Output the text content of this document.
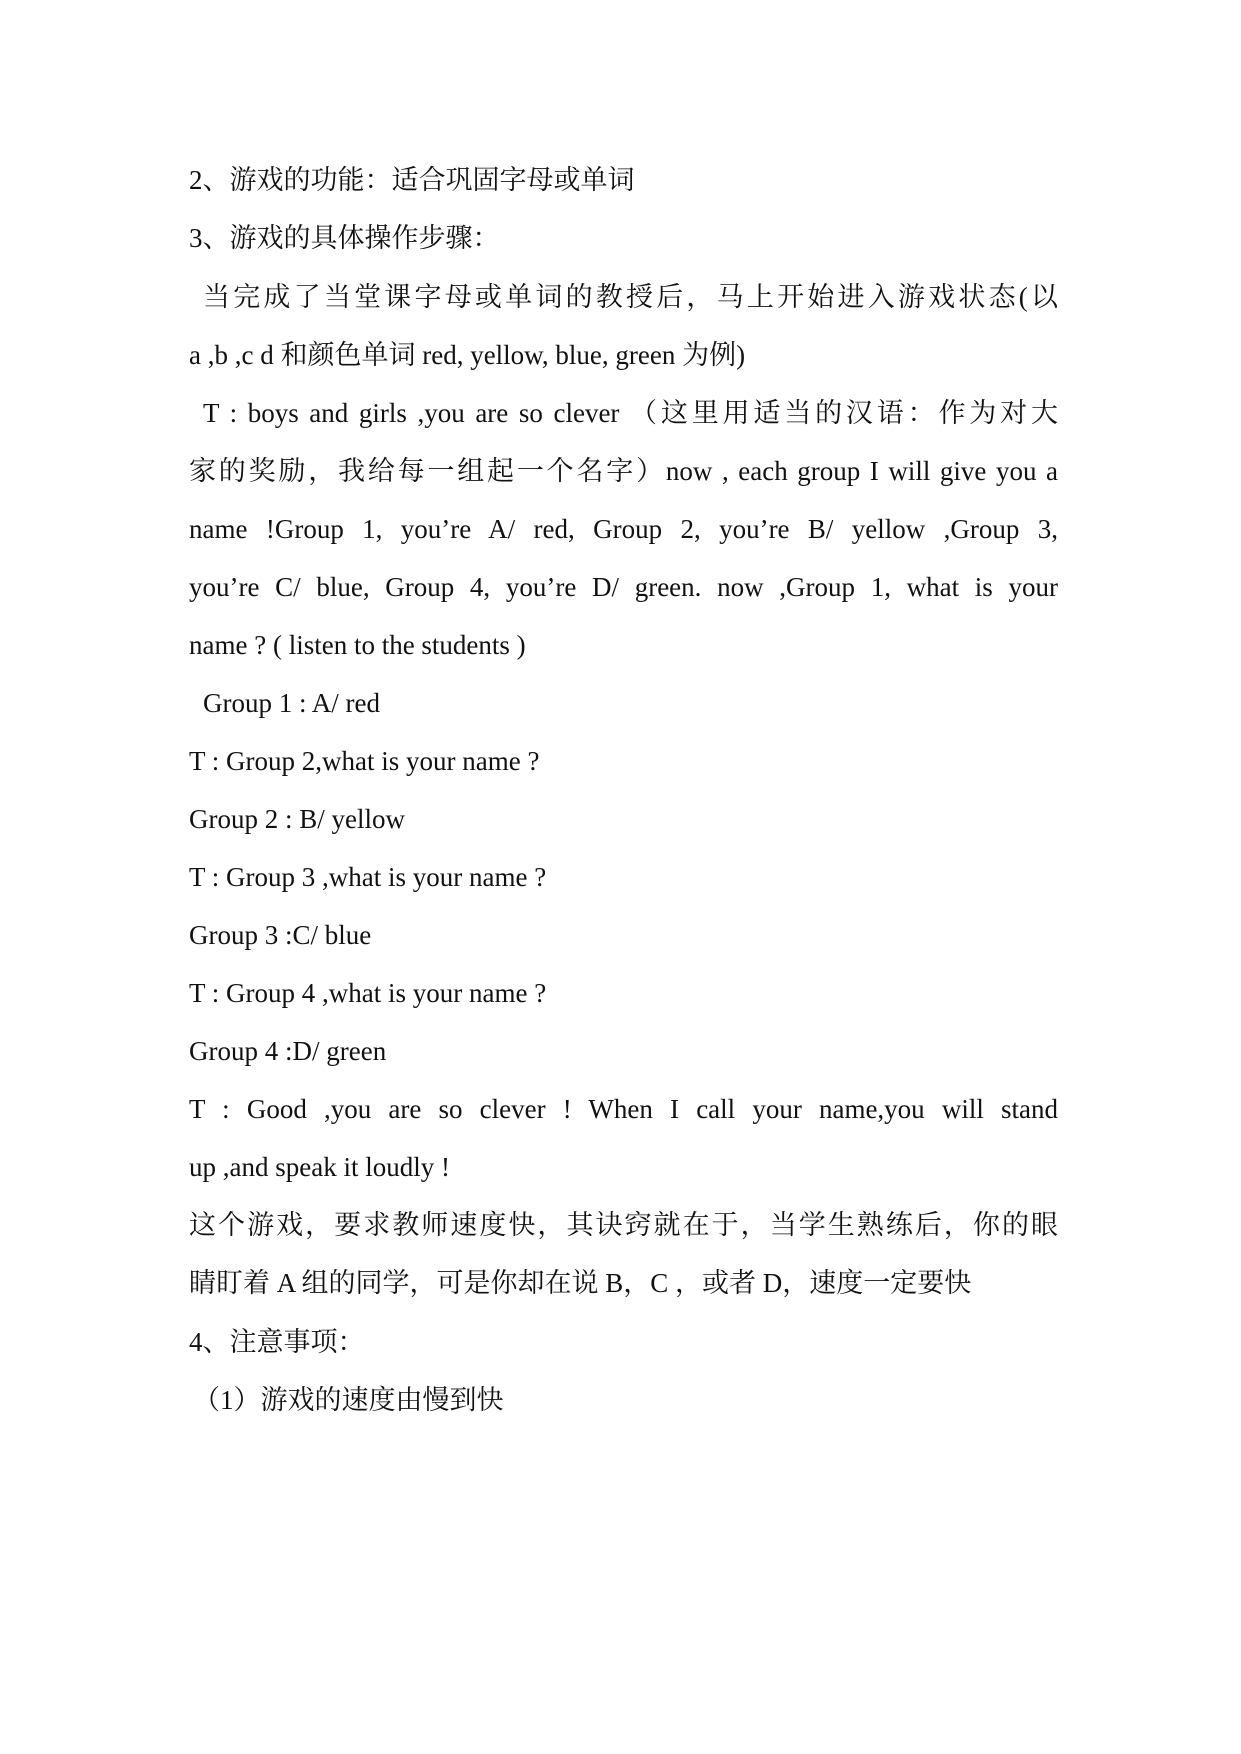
2、游戏的功能：适合巩固字母或单词
3、游戏的具体操作步骤：
当完成了当堂课字母或单词的教授后，马上开始进入游戏状态(以
a ,b ,c d 和颜色单词 red, yellow, blue, green 为例)
T : boys and girls ,you are so clever （这里用适当的汉语：作为对大
家的奖励，我给每一组起一个名字）now , each group I will give you a
name !Group 1, you’re A/ red, Group 2, you’re B/ yellow ,Group 3,
you’re C/ blue, Group 4, you’re D/ green. now ,Group 1, what is your
name ? ( listen to the students )
Group 1 : A/ red
T : Group 2,what is your name ?
Group 2 : B/ yellow
T : Group 3 ,what is your name ?
Group 3 :C/ blue
T : Group 4 ,what is your name ?
Group 4 :D/ green
T : Good ,you are so clever ! When I call your name,you will stand
up ,and speak it loudly !
这个游戏，要求教师速度快，其诀窍就在于，当学生熟练后，你的眼
睛盯着 A 组的同学，可是你却在说 B，C ，或者 D，速度一定要快
4、注意事项：
（1）游戏的速度由慢到快
